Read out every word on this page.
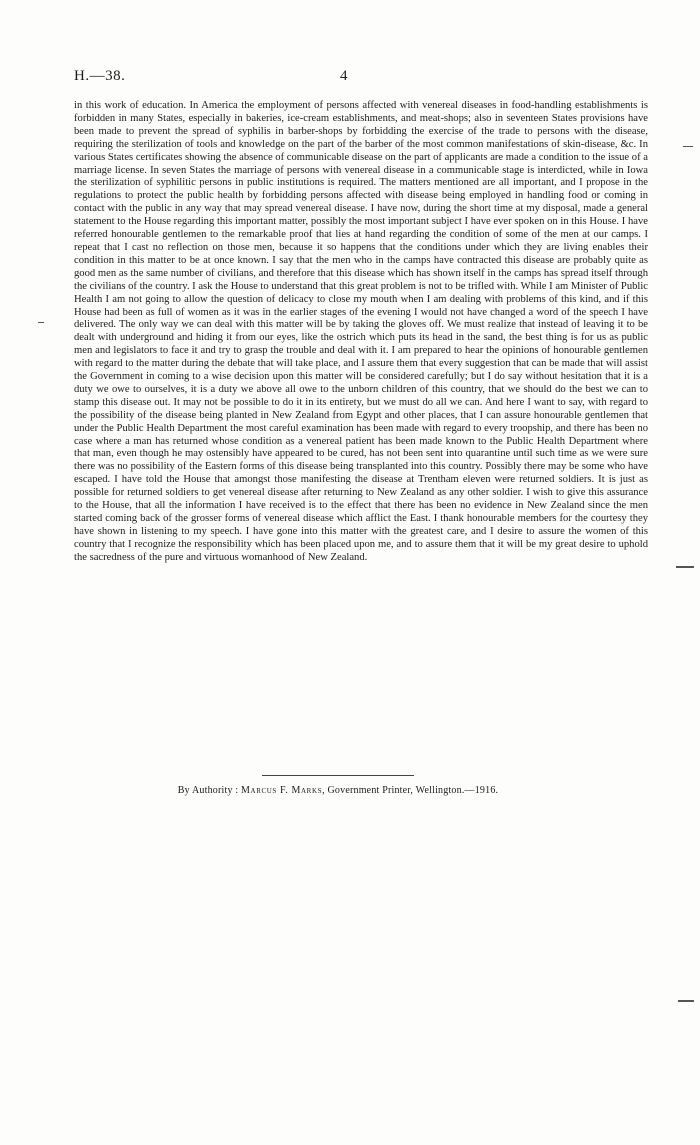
H.—38.	4

in this work of education. In America the employment of persons affected with venereal diseases in food-handling establishments is forbidden in many States, especially in bakeries, ice-cream establishments, and meat-shops; also in seventeen States provisions have been made to prevent the spread of syphilis in barber-shops by forbidding the exercise of the trade to persons with the disease, requiring the sterilization of tools and knowledge on the part of the barber of the most common manifestations of skin-disease, &c. In various States certificates showing the absence of communicable disease on the part of applicants are made a condition to the issue of a marriage license. In seven States the marriage of persons with venereal disease in a communicable stage is interdicted, while in Iowa the sterilization of syphilitic persons in public institutions is required. The matters mentioned are all important, and I propose in the regulations to protect the public health by forbidding persons affected with disease being employed in handling food or coming in contact with the public in any way that may spread venereal disease. I have now, during the short time at my disposal, made a general statement to the House regarding this important matter, possibly the most important subject I have ever spoken on in this House. I have referred honourable gentlemen to the remarkable proof that lies at hand regarding the condition of some of the men at our camps. I repeat that I cast no reflection on those men, because it so happens that the conditions under which they are living enables their condition in this matter to be at once known. I say that the men who in the camps have contracted this disease are probably quite as good men as the same number of civilians, and therefore that this disease which has shown itself in the camps has spread itself through the civilians of the country. I ask the House to understand that this great problem is not to be trifled with. While I am Minister of Public Health I am not going to allow the question of delicacy to close my mouth when I am dealing with problems of this kind, and if this House had been as full of women as it was in the earlier stages of the evening I would not have changed a word of the speech I have delivered. The only way we can deal with this matter will be by taking the gloves off. We must realize that instead of leaving it to be dealt with underground and hiding it from our eyes, like the ostrich which puts its head in the sand, the best thing is for us as public men and legislators to face it and try to grasp the trouble and deal with it. I am prepared to hear the opinions of honourable gentlemen with regard to the matter during the debate that will take place, and I assure them that every suggestion that can be made that will assist the Government in coming to a wise decision upon this matter will be considered carefully; but I do say without hesitation that it is a duty we owe to ourselves, it is a duty we above all owe to the unborn children of this country, that we should do the best we can to stamp this disease out. It may not be possible to do it in its entirety, but we must do all we can. And here I want to say, with regard to the possibility of the disease being planted in New Zealand from Egypt and other places, that I can assure honourable gentlemen that under the Public Health Department the most careful examination has been made with regard to every troopship, and there has been no case where a man has returned whose condition as a venereal patient has been made known to the Public Health Department where that man, even though he may ostensibly have appeared to be cured, has not been sent into quarantine until such time as we were sure there was no possibility of the Eastern forms of this disease being transplanted into this country. Possibly there may be some who have escaped. I have told the House that amongst those manifesting the disease at Trentham eleven were returned soldiers. It is just as possible for returned soldiers to get venereal disease after returning to New Zealand as any other soldier. I wish to give this assurance to the House, that all the information I have received is to the effect that there has been no evidence in New Zealand since the men started coming back of the grosser forms of venereal disease which afflict the East. I thank honourable members for the courtesy they have shown in listening to my speech. I have gone into this matter with the greatest care, and I desire to assure the women of this country that I recognize the responsibility which has been placed upon me, and to assure them that it will be my great desire to uphold the sacredness of the pure and virtuous womanhood of New Zealand.

By Authority : Marcus F. Marks, Government Printer, Wellington.—1916.
